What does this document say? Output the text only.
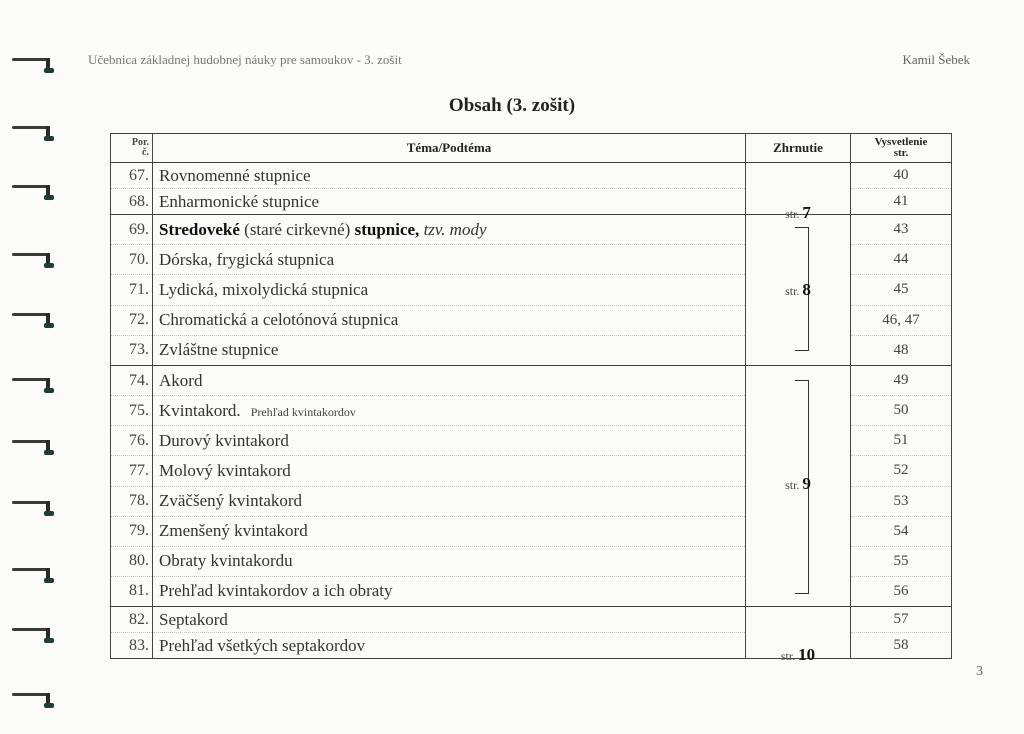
Učebnica základnej hudobnej náuky pre samoukov - 3. zošit	Kamil Šebek
Obsah (3. zošit)
Por.
č.	Téma/Podtéma	Zhrnutie	Vysvetlenie
str.
67.	Rovnomenné stupnice	str. 7	40
68.	Enharmonické stupnice		41
69.	Stredoveké (staré cirkevné) stupnice, tzv. mody	str. 8	43
70.	Dórska, frygická stupnica		44
71.	Lydická, mixolydická stupnica		45
72.	Chromatická a celotónová stupnica		46, 47
73.	Zvláštne stupnice		48
74.	Akord	str. 9	49
75.	Kvintakord. Prehľad kvintakordov		50
76.	Durový kvintakord		51
77.	Molový kvintakord		52
78.	Zväčšený kvintakord		53
79.	Zmenšený kvintakord		54
80.	Obraty kvintakordu		55
81.	Prehľad kvintakordov a ich obraty		56
82.	Septakord	str. 10	57
83.	Prehľad všetkých septakordov		58
3
